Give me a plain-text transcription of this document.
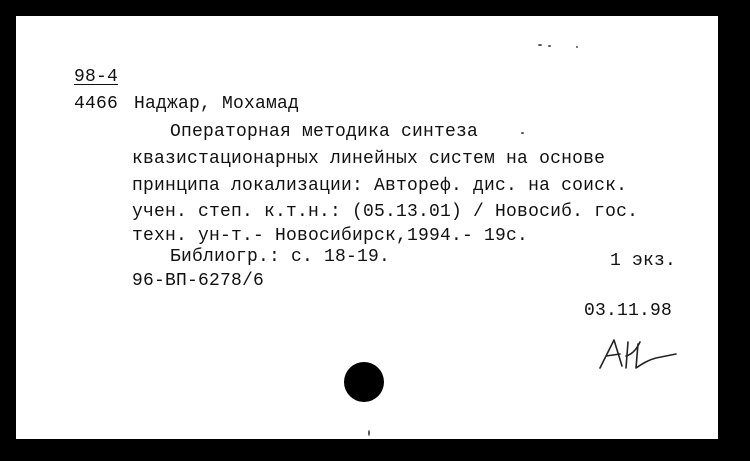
98-4

4466 Наджар, Мохамад

Операторная методика синтеза

квазистационарных линейных систем на основе

принципа локализации: Автореф. дис. на соиск.

учен. степ. к.т.н.: (05.13.01) / Новосиб. гос.

техн. ун-т.- Новосибирск,1994.- 19с.

Библиогр.: с. 18-19.	1 экз.

96-ВП-6278/6

03.11.98
